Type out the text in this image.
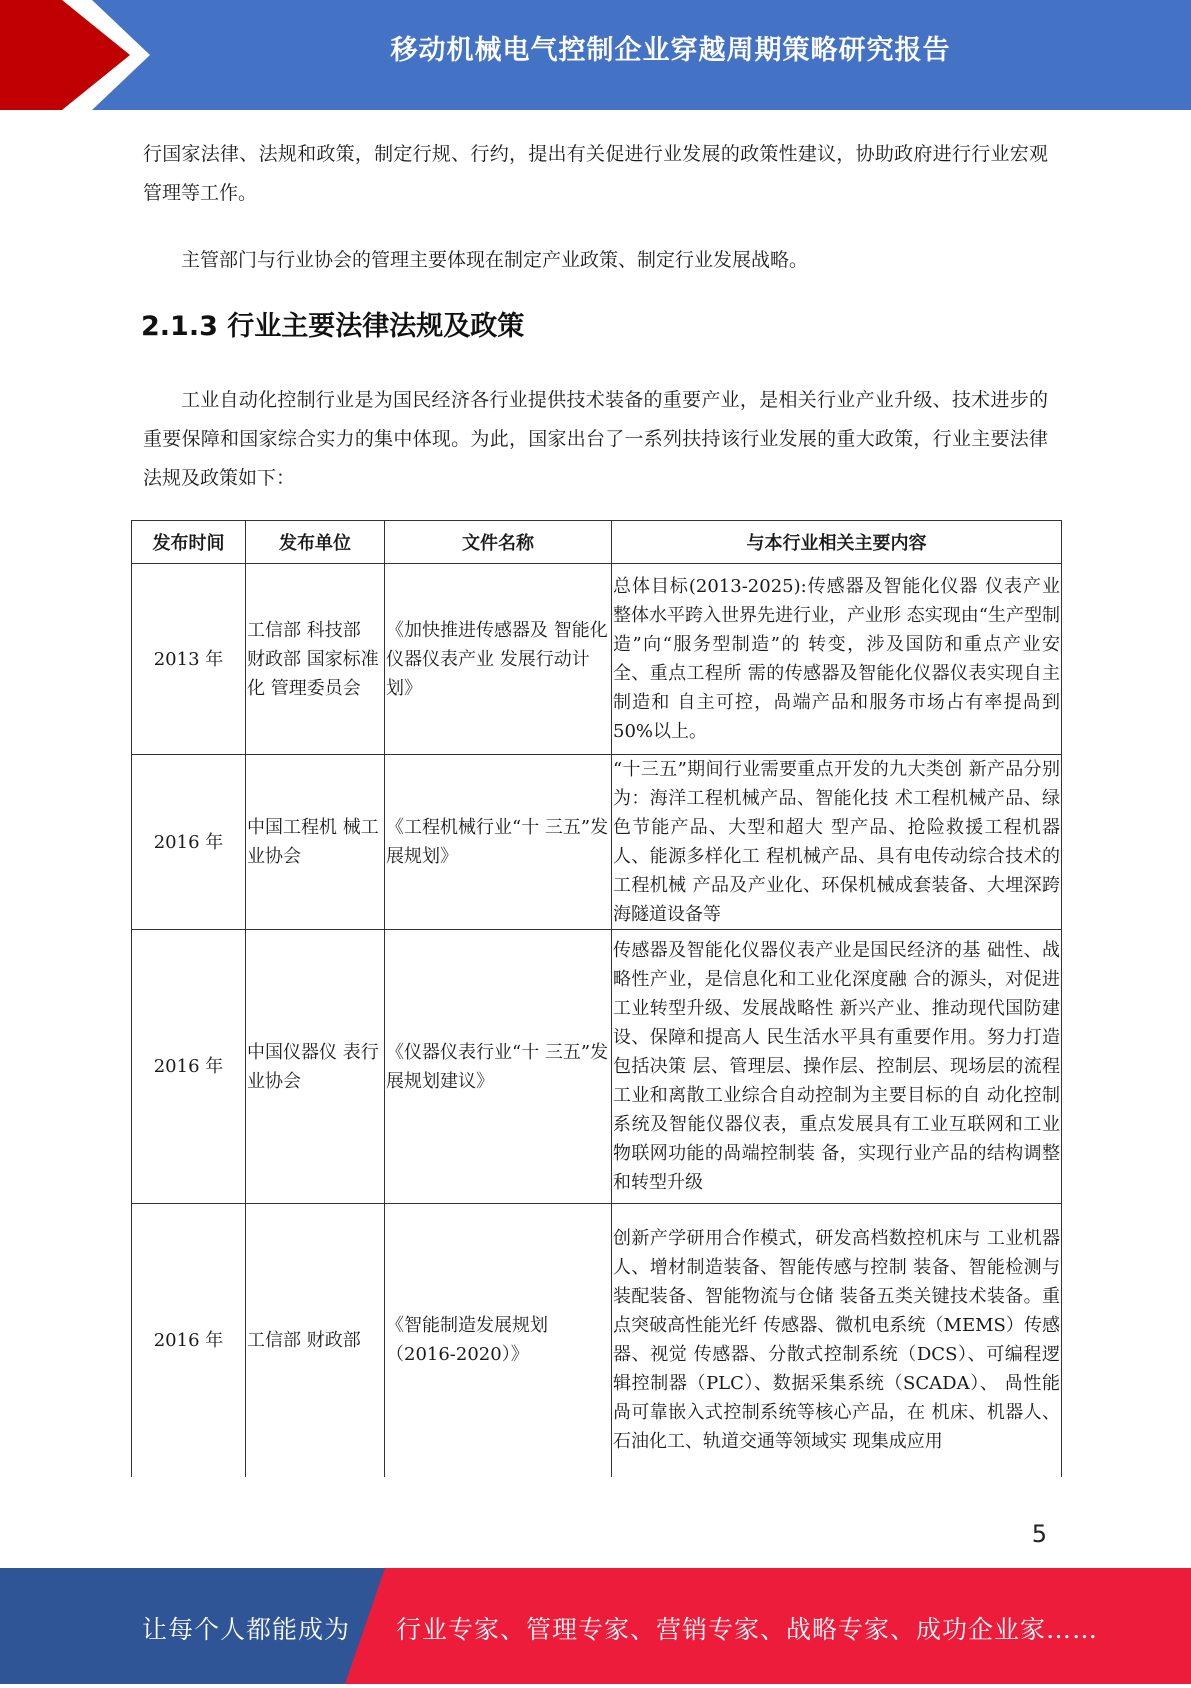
移动机械电气控制企业穿越周期策略研究报告

行国家法律、法规和政策，制定行规、行约，提出有关促进行业发展的政策性建议，协助政府进行行业宏观管理等工作。

主管部门与行业协会的管理主要体现在制定产业政策、制定行业发展战略。

2.1.3 行业主要法律法规及政策

工业自动化控制行业是为国民经济各行业提供技术装备的重要产业，是相关行业产业升级、技术进步的重要保障和国家综合实力的集中体现。为此，国家出台了一系列扶持该行业发展的重大政策，行业主要法律法规及政策如下：

发布时间	发布单位	文件名称	与本行业相关主要内容
2013 年	工信部 科技部 财政部 国家标准化 管理委员会	《加快推进传感器及 智能化仪器仪表产业 发展行动计划》	总体目标(2013-2025):传感器及智能化仪器 仪表产业整体水平跨入世界先进行业，产业形 态实现由“生产型制造”向“服务型制造”的 转变，涉及国防和重点产业安全、重点工程所 需的传感器及智能化仪器仪表实现自主制造和 自主可控，咼端产品和服务市场占有率提咼到 50%以上。
2016 年	中国工程机 械工业协会	《工程机械行业“十 三五”发展规划》	“十三五”期间行业需要重点开发的九大类创 新产品分别为：海洋工程机械产品、智能化技 术工程机械产品、绿色节能产品、大型和超大 型产品、抢险救援工程机器人、能源多样化工 程机械产品、具有电传动综合技术的工程机械 产品及产业化、环保机械成套装备、大埋深跨海隧道设备等
2016 年	中国仪器仪 表行业协会	《仪器仪表行业“十 三五”发展规划建议》	传感器及智能化仪器仪表产业是国民经济的基 础性、战略性产业，是信息化和工业化深度融 合的源头，对促进工业转型升级、发展战略性 新兴产业、推动现代国防建设、保障和提高人 民生活水平具有重要作用。努力打造包括决策 层、管理层、操作层、控制层、现场层的流程 工业和离散工业综合自动控制为主要目标的自 动化控制系统及智能仪器仪表，重点发展具有工业互联网和工业物联网功能的咼端控制装 备，实现行业产品的结构调整和转型升级
2016 年	工信部 财政部	《智能制造发展规划（2016-2020）》	创新产学研用合作模式，研发高档数控机床与 工业机器人、增材制造装备、智能传感与控制 装备、智能检测与装配装备、智能物流与仓储 装备五类关键技术装备。重点突破高性能光纤 传感器、微机电系统（MEMS）传感器、视觉 传感器、分散式控制系统（DCS）、可编程逻 辑控制器（PLC）、数据采集系统（SCADA）、 咼性能咼可靠嵌入式控制系统等核心产品，在 机床、机器人、石油化工、轨道交通等领域实 现集成应用
5
让每个人都能成为 行业专家、管理专家、营销专家、战略专家、成功企业家……
